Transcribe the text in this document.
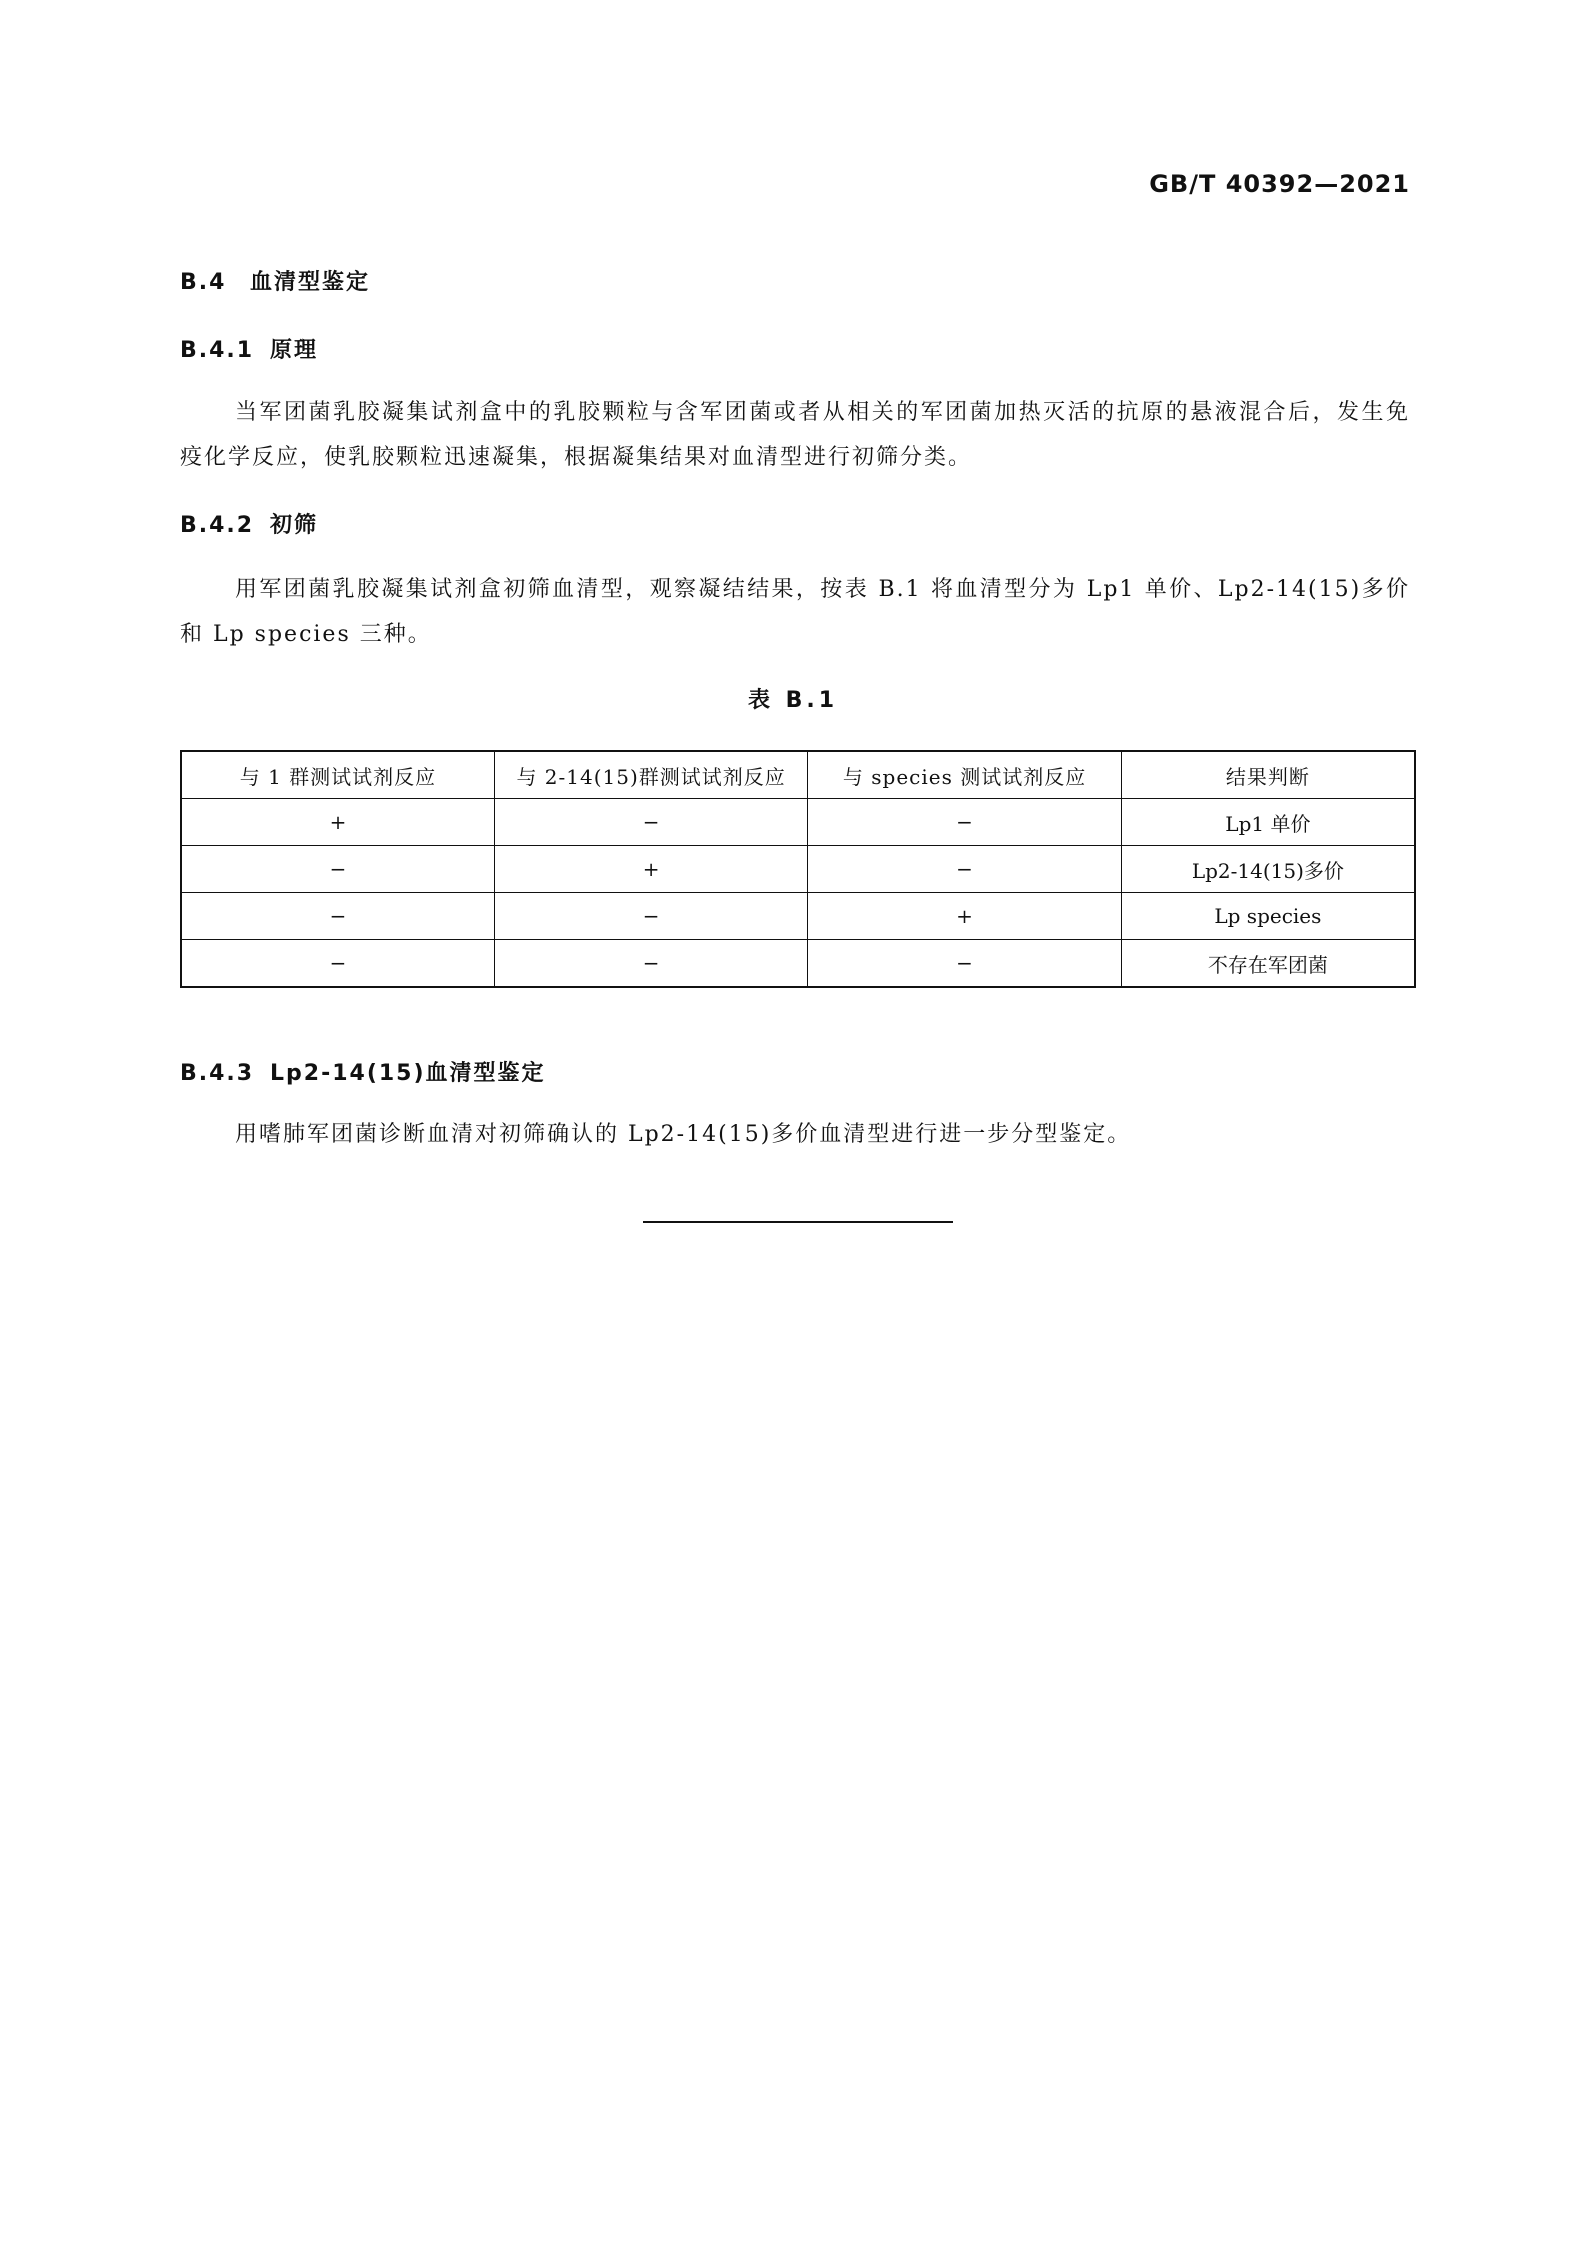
GB/T 40392—2021
B.4 血清型鉴定
B.4.1 原理

当军团菌乳胶凝集试剂盒中的乳胶颗粒与含军团菌或者从相关的军团菌加热灭活的抗原的悬液混合后，发生免疫化学反应，使乳胶颗粒迅速凝集，根据凝集结果对血清型进行初筛分类。

B.4.2 初筛

用军团菌乳胶凝集试剂盒初筛血清型，观察凝结结果，按表 B.1 将血清型分为 Lp1 单价、Lp2-14(15)多价和 Lp species 三种。

表 B.1
与 1 群测试试剂反应	与 2-14(15)群测试试剂反应	与 species 测试试剂反应	结果判断
+	−	−	Lp1 单价
−	+	−	Lp2-14(15)多价
−	−	+	Lp species
−	−	−	不存在军团菌
B.4.3 Lp2-14(15)血清型鉴定

用嗜肺军团菌诊断血清对初筛确认的 Lp2-14(15)多价血清型进行进一步分型鉴定。
